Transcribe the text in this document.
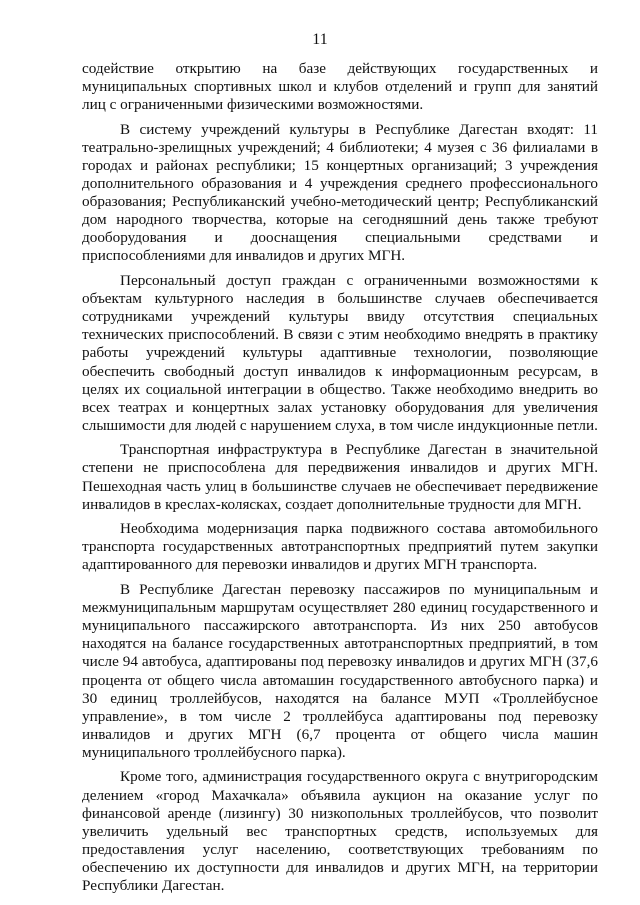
11

содействие открытию на базе действующих государственных и муниципальных спортивных школ и клубов отделений и групп для занятий лиц с ограниченными физическими возможностями.

В систему учреждений культуры в Республике Дагестан входят: 11 театрально-зрелищных учреждений; 4 библиотеки; 4 музея с 36 филиалами в городах и районах республики; 15 концертных организаций; 3 учреждения дополнительного образования и 4 учреждения среднего профессионального образования; Республиканский учебно-методический центр; Республиканский дом народного творчества, которые на сегодняшний день также требуют дооборудования и дооснащения специальными средствами и приспособлениями для инвалидов и других МГН.

Персональный доступ граждан с ограниченными возможностями к объектам культурного наследия в большинстве случаев обеспечивается сотрудниками учреждений культуры ввиду отсутствия специальных технических приспособлений. В связи с этим необходимо внедрять в практику работы учреждений культуры адаптивные технологии, позволяющие обеспечить свободный доступ инвалидов к информационным ресурсам, в целях их социальной интеграции в общество. Также необходимо внедрить во всех театрах и концертных залах установку оборудования для увеличения слышимости для людей с нарушением слуха, в том числе индукционные петли.

Транспортная инфраструктура в Республике Дагестан в значительной степени не приспособлена для передвижения инвалидов и других МГН. Пешеходная часть улиц в большинстве случаев не обеспечивает передвижение инвалидов в креслах-колясках, создает дополнительные трудности для МГН.

Необходима модернизация парка подвижного состава автомобильного транспорта государственных автотранспортных предприятий путем закупки адаптированного для перевозки инвалидов и других МГН транспорта.

В Республике Дагестан перевозку пассажиров по муниципальным и межмуниципальным маршрутам осуществляет 280 единиц государственного и муниципального пассажирского автотранспорта. Из них 250 автобусов находятся на балансе государственных автотранспортных предприятий, в том числе 94 автобуса, адаптированы под перевозку инвалидов и других МГН (37,6 процента от общего числа автомашин государственного автобусного парка) и 30 единиц троллейбусов, находятся на балансе МУП «Троллейбусное управление», в том числе 2 троллейбуса адаптированы под перевозку инвалидов и других МГН (6,7 процента от общего числа машин муниципального троллейбусного парка).

Кроме того, администрация государственного округа с внутригородским делением «город Махачкала» объявила аукцион на оказание услуг по финансовой аренде (лизингу) 30 низкопольных троллейбусов, что позволит увеличить удельный вес транспортных средств, используемых для предоставления услуг населению, соответствующих требованиям по обеспечению их доступности для инвалидов и других МГН, на территории Республики Дагестан.
